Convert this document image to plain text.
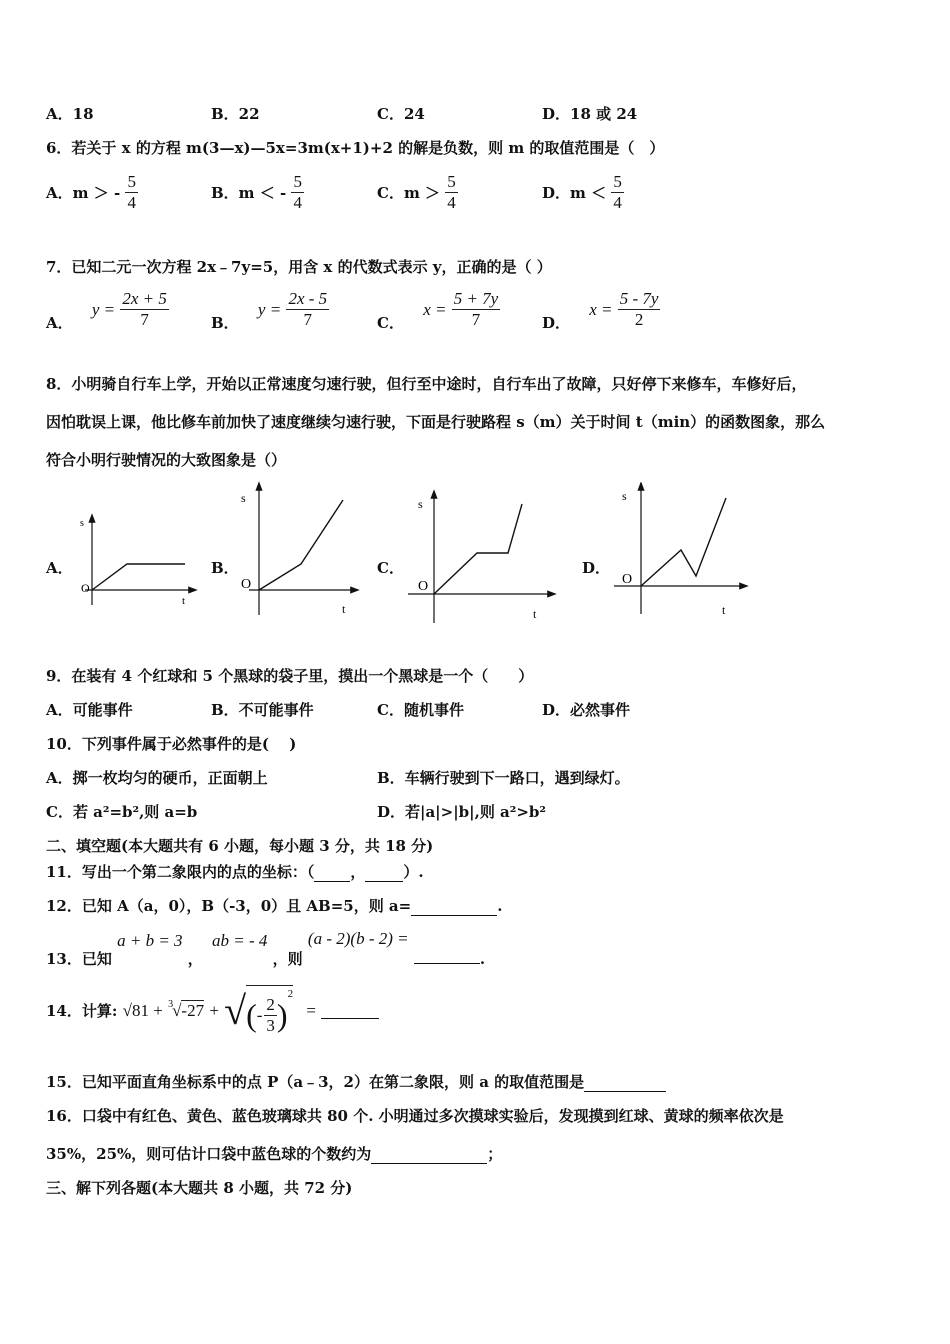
A．18	B．22	C．24	D．18 或 24
6．若关于 x 的方程 m(3—x)—5x=3m(x+1)+2 的解是负数，则 m 的取值范围是（　）
A．m ＞ - $\frac{5}{4}$	B．m ＜ - $\frac{5}{4}$	C．$m > \frac{5}{4}$	D．$m < \frac{5}{4}$
7．已知二元一次方程 2x﹣7y=5，用含 x 的代数式表示 y，正确的是（ ）
A． $y = \frac{2x + 5}{7}$	B． $y = \frac{2x - 5}{7}$	C． $x = \frac{5 + 7y}{7}$	D． $x = \frac{5 - 7y}{2}$
8．小明骑自行车上学，开始以正常速度匀速行驶，但行至中途时，自行车出了故障，只好停下来修车，车修好后，
因怕耽误上课，他比修车前加快了速度继续匀速行驶，下面是行驶路程 s（m）关于时间 t（min）的函数图象，那么
符合小明行驶情况的大致图象是（）
A．	B．	C．	D．
s
O
t
s
O
t
s
O
t
s
O
t
9．在装有 4 个红球和 5 个黑球的袋子里，摸出一个黑球是一个（　　）
A．可能事件	B．不可能事件	C．随机事件	D．必然事件
10．下列事件属于必然事件的是(　 )
A．掷一枚均匀的硬币，正面朝上	B．车辆行驶到下一路口，遇到绿灯。
C．若 a²=b²,则 a=b	D．若|a|>|b|,则 a²>b²
二、填空题(本大题共有 6 小题，每小题 3 分，共 18 分)
11．写出一个第二象限内的点的坐标：（ ，	）.
12．已知 A（a，0），B（-3，0）且 AB=5，则 a=	.
13．已知 a + b = 3 ， ab = - 4 ，则 (a - 2)(b - 2) = .
14．计算: √81 + 3 √-27 + √(- $\frac{2}{3} )^2$ =
15．已知平面直角坐标系中的点 P（a﹣3，2）在第二象限，则 a 的取值范围是
16．口袋中有红色、黄色、蓝色玻璃球共 80 个. 小明通过多次摸球实验后，发现摸到红球、黄球的频率依次是
35%，25%，则可估计口袋中蓝色球的个数约为	；
三、解下列各题(本大题共 8 小题，共 72 分)
